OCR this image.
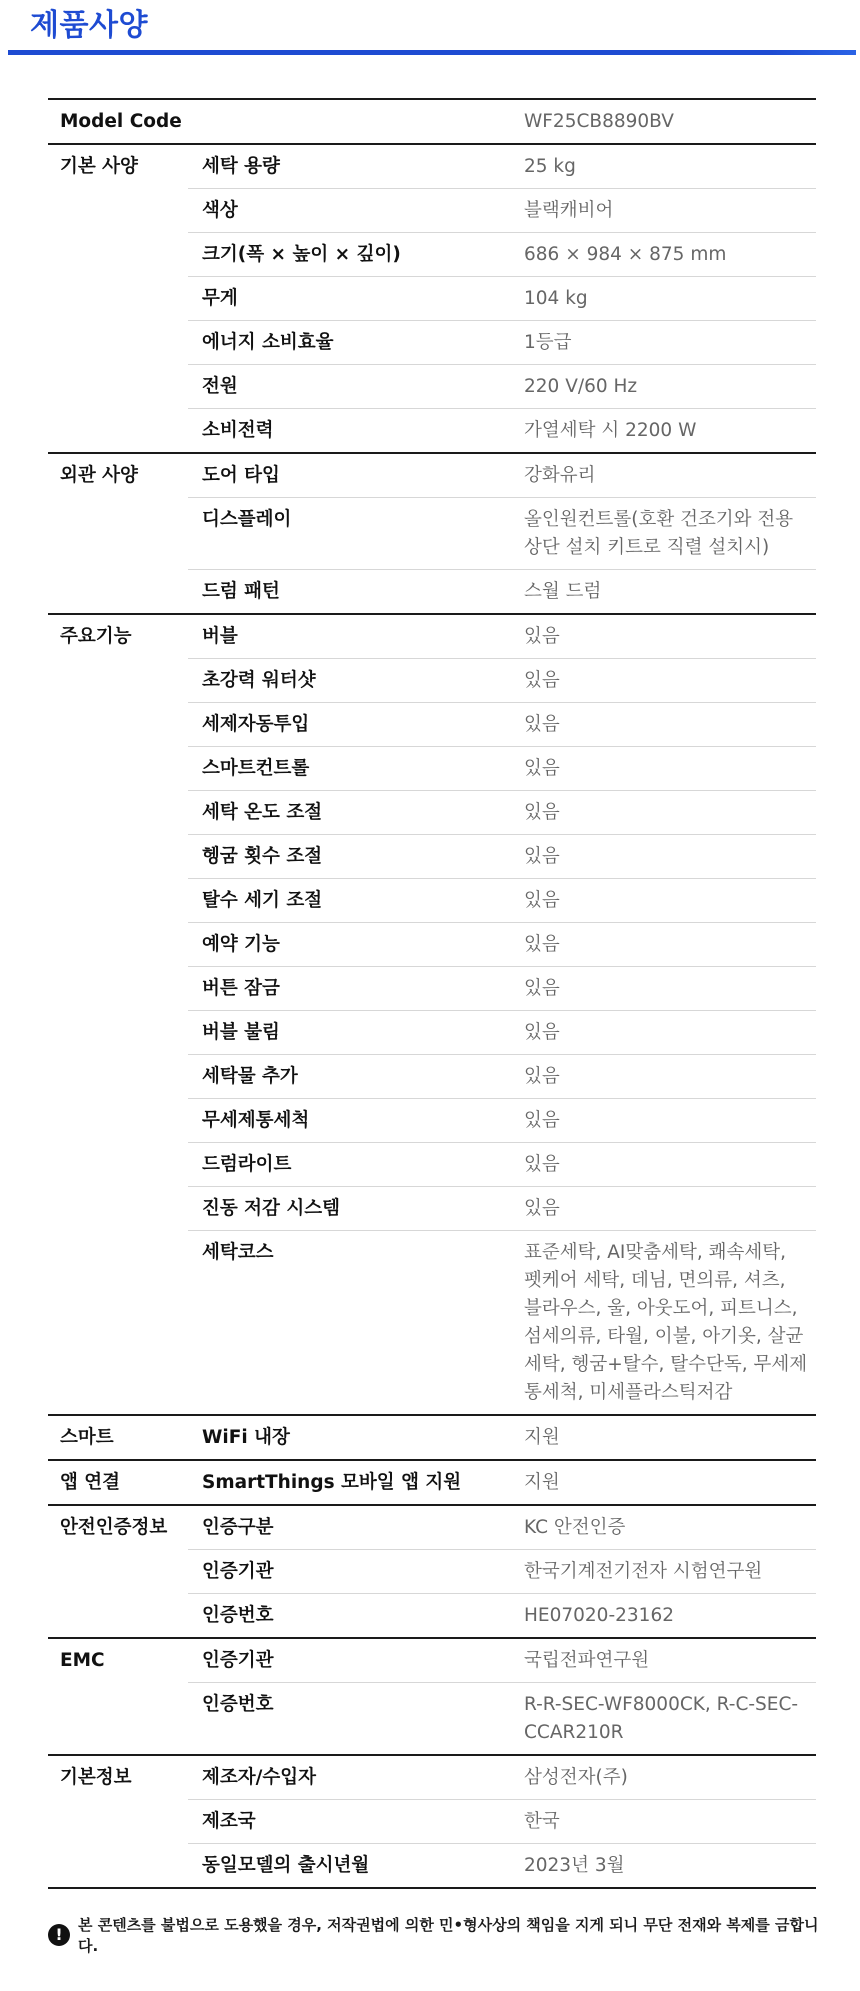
제품사양
Model Code		WF25CB8890BV
기본 사양	세탁 용량	25 kg
	색상	블랙캐비어
	크기(폭 × 높이 × 깊이)	686 × 984 × 875 mm
	무게	104 kg
	에너지 소비효율	1등급
	전원	220 V/60 Hz
	소비전력	가열세탁 시 2200 W
외관 사양	도어 타입	강화유리
	디스플레이	올인원컨트롤(호환 건조기와 전용 상단 설치 키트로 직렬 설치시)
	드럼 패턴	스월 드럼
주요기능	버블	있음
	초강력 워터샷	있음
	세제자동투입	있음
	스마트컨트롤	있음
	세탁 온도 조절	있음
	헹굼 횟수 조절	있음
	탈수 세기 조절	있음
	예약 기능	있음
	버튼 잠금	있음
	버블 불림	있음
	세탁물 추가	있음
	무세제통세척	있음
	드럼라이트	있음
	진동 저감 시스템	있음
	세탁코스	표준세탁, AI맞춤세탁, 쾌속세탁, 펫케어 세탁, 데님, 면의류, 셔츠, 블라우스, 울, 아웃도어, 피트니스, 섬세의류, 타월, 이불, 아기옷, 살균세탁, 헹굼+탈수, 탈수단독, 무세제통세척, 미세플라스틱저감
스마트	WiFi 내장	지원
앱 연결	SmartThings 모바일 앱 지원	지원
안전인증정보	인증구분	KC 안전인증
	인증기관	한국기계전기전자 시험연구원
	인증번호	HE07020-23162
EMC	인증기관	국립전파연구원
	인증번호	R-R-SEC-WF8000CK, R-C-SEC-CCAR210R
기본정보	제조자/수입자	삼성전자(주)
	제조국	한국
	동일모델의 출시년월	2023년 3월
!	본 콘텐츠를 불법으로 도용했을 경우, 저작권법에 의한 민•형사상의 책임을 지게 되니 무단 전재와 복제를 금합니다.
